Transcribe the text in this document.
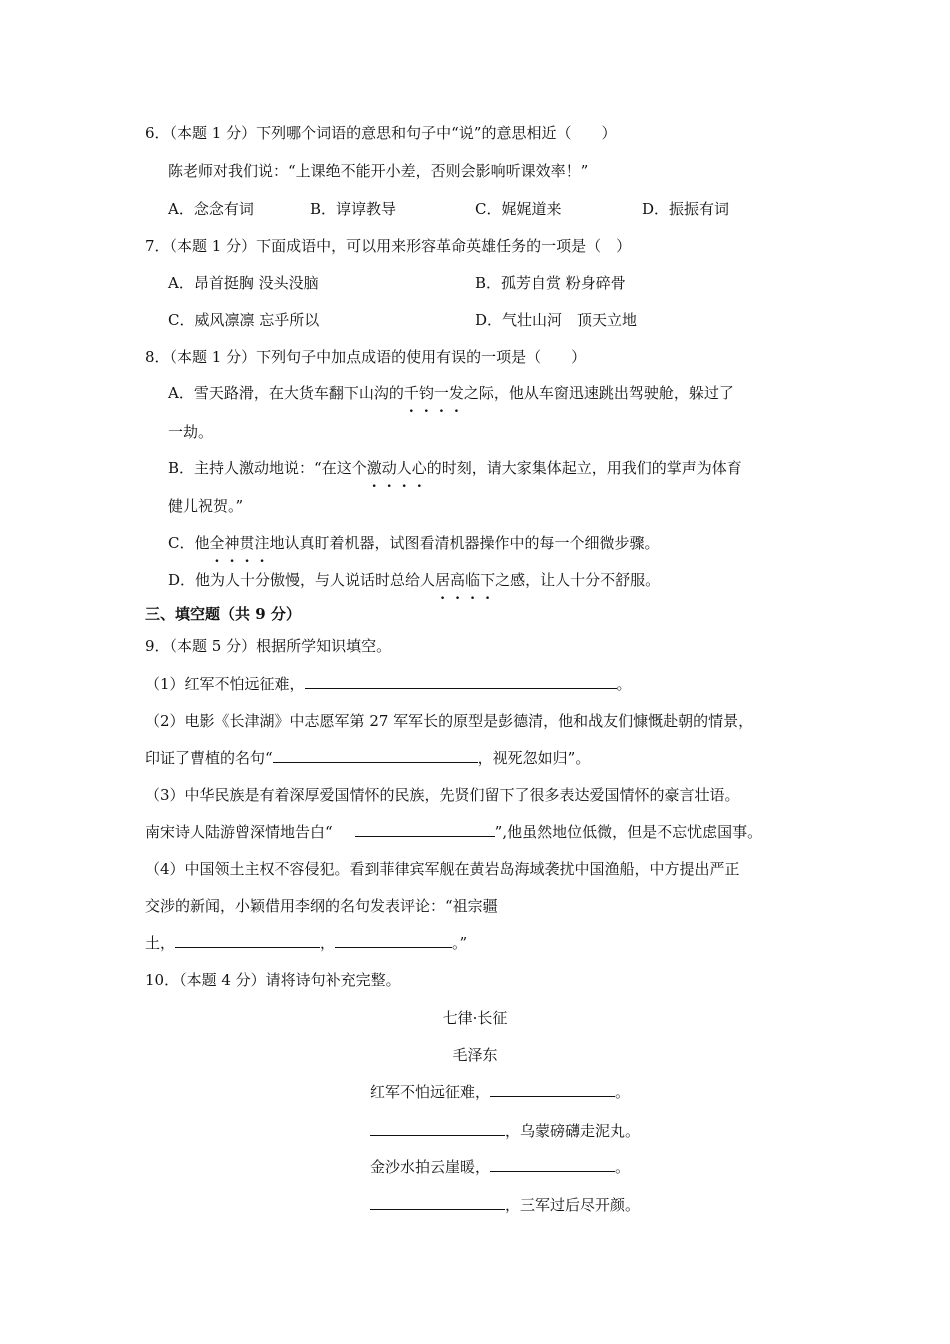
6．（本题 1 分）下列哪个词语的意思和句子中“说”的意思相近（　　）
陈老师对我们说：“上课绝不能开小差，否则会影响听课效率！”
A．念念有词	B．谆谆教导	C．娓娓道来	D．振振有词
7．（本题 1 分）下面成语中，可以用来形容革命英雄任务的一项是（　）
A．昂首挺胸 没头没脑	B．孤芳自赏 粉身碎骨
C．威风凛凛 忘乎所以	D．气壮山河　顶天立地
8．（本题 1 分）下列句子中加点成语的使用有误的一项是（　　）
A．雪天路滑，在大货车翻下山沟的千钧一发之际，他从车窗迅速跳出驾驶舱，躲过了
一劫。
B．主持人激动地说：“在这个激动人心的时刻，请大家集体起立，用我们的掌声为体育
健儿祝贺。”
C．他全神贯注地认真盯着机器，试图看清机器操作中的每一个细微步骤。
D．他为人十分傲慢，与人说话时总给人居高临下之感，让人十分不舒服。
三、填空题（共 9 分）
9．（本题 5 分）根据所学知识填空。
（1）红军不怕远征难，	。
（2）电影《长津湖》中志愿军第 27 军军长的原型是彭德清，他和战友们慷慨赴朝的情景，
印证了曹植的名句“	，视死忽如归”。
（3）中华民族是有着深厚爱国情怀的民族，先贤们留下了很多表达爱国情怀的豪言壮语。
南宋诗人陆游曾深情地告白“	”,他虽然地位低微，但是不忘忧虑国事。
（4）中国领土主权不容侵犯。看到菲律宾军舰在黄岩岛海域袭扰中国渔船，中方提出严正
交涉的新闻，小颖借用李纲的名句发表评论：“祖宗疆
土，	，	。”
10．（本题 4 分）请将诗句补充完整。
七律·长征
毛泽东
红军不怕远征难，	。
，乌蒙磅礴走泥丸。
金沙水拍云崖暖，	。
，三军过后尽开颜。
